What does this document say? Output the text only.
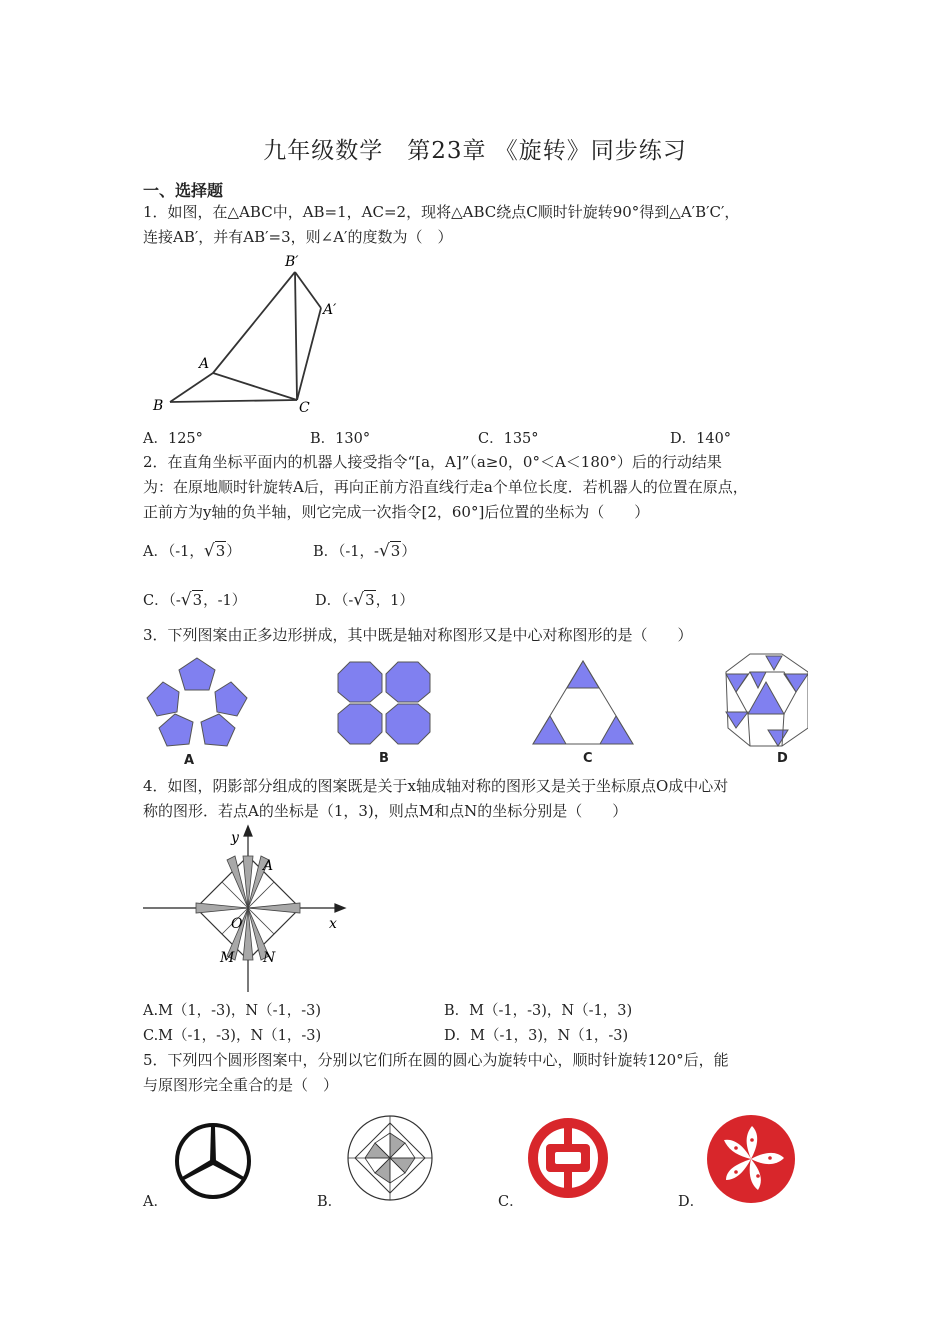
九年级数学　第23章 《旋转》同步练习
一、选择题
1．如图，在△ABC中，AB=1，AC=2，现将△ABC绕点C顺时针旋转90°得到△A′B′C′，
连接AB′，并有AB′=3，则∠A′的度数为（　）
B′
A′
A
B	C
A．125°	B．130°	C．135°	D．140°
2．在直角坐标平面内的机器人接受指令“[a，A]”（a≥0，0°＜A＜180°）后的行动结果
为：在原地顺时针旋转A后，再向正前方沿直线行走a个单位长度．若机器人的位置在原点，
正前方为y轴的负半轴，则它完成一次指令[2，60°]后位置的坐标为（　　）
A．（-1，√3）	B．（-1，-√3）
C．（-√3，-1）	D．（-√3，1）
3．下列图案由正多边形拼成，其中既是轴对称图形又是中心对称图形的是（　　）
A	B	C	D
4．如图，阴影部分组成的图案既是关于x轴成轴对称的图形又是关于坐标原点O成中心对
称的图形．若点A的坐标是（1，3)，则点M和点N的坐标分别是（　　）
y
x
A
O
M N
A.M（1，-3)，N（-1，-3)	B．M（-1，-3)，N（-1，3)
C.M（-1，-3)，N（1，-3)	D．M（-1，3)，N（1，-3)
5．下列四个圆形图案中，分别以它们所在圆的圆心为旋转中心，顺时针旋转120°后，能
与原图形完全重合的是（　）
A．	B．	C．	D．
